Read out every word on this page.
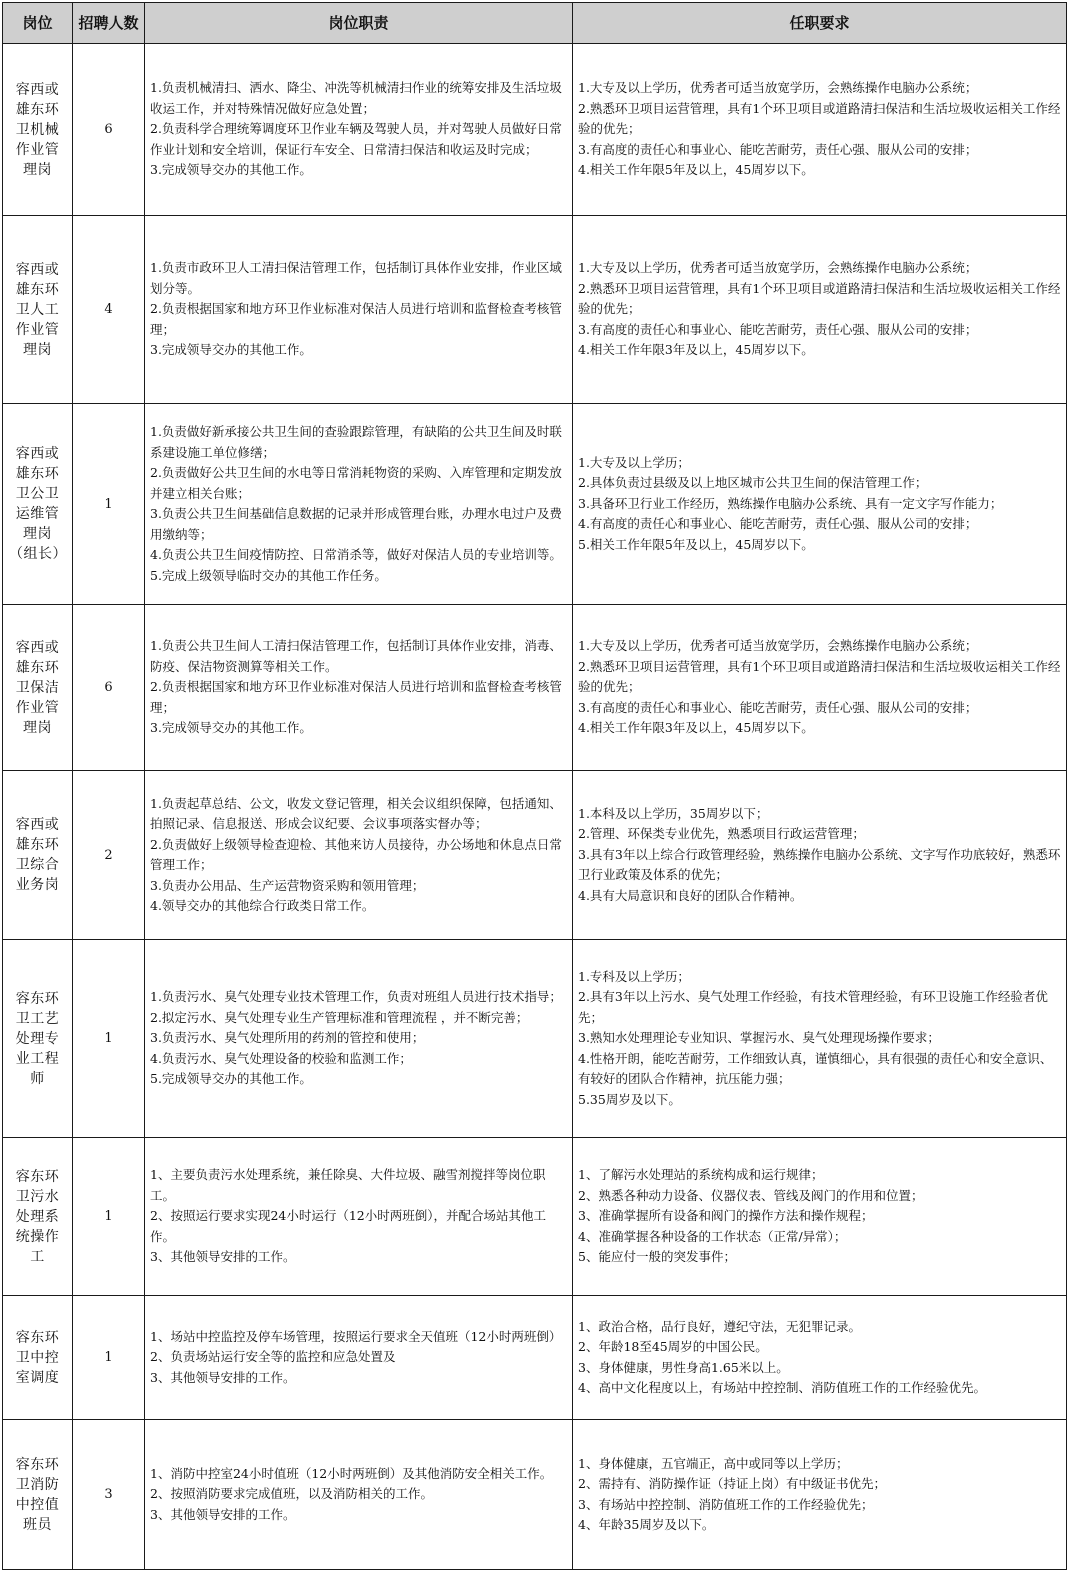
岗位	招聘人数	岗位职责	任职要求
容西或雄东环卫机械作业管理岗	6	1.负责机械清扫、洒水、降尘、冲洗等机械清扫作业的统筹安排及生活垃圾收运工作，并对特殊情况做好应急处置；
2.负责科学合理统筹调度环卫作业车辆及驾驶人员，并对驾驶人员做好日常作业计划和安全培训，保证行车安全、日常清扫保洁和收运及时完成；
3.完成领导交办的其他工作。	1.大专及以上学历，优秀者可适当放宽学历，会熟练操作电脑办公系统；
2.熟悉环卫项目运营管理，具有1个环卫项目或道路清扫保洁和生活垃圾收运相关工作经验的优先；
3.有高度的责任心和事业心、能吃苦耐劳，责任心强、服从公司的安排；
4.相关工作年限5年及以上，45周岁以下。

容西或雄东环卫人工作业管理岗	4	1.负责市政环卫人工清扫保洁管理工作，包括制订具体作业安排，作业区域划分等。
2.负责根据国家和地方环卫作业标准对保洁人员进行培训和监督检查考核管理；
3.完成领导交办的其他工作。	1.大专及以上学历，优秀者可适当放宽学历，会熟练操作电脑办公系统；
2.熟悉环卫项目运营管理，具有1个环卫项目或道路清扫保洁和生活垃圾收运相关工作经验的优先；
3.有高度的责任心和事业心、能吃苦耐劳，责任心强、服从公司的安排；
4.相关工作年限3年及以上，45周岁以下。

容西或雄东环卫公卫运维管理岗（组长）	1	1.负责做好新承接公共卫生间的查验跟踪管理，有缺陷的公共卫生间及时联系建设施工单位修缮；
2.负责做好公共卫生间的水电等日常消耗物资的采购、入库管理和定期发放并建立相关台账；
3.负责公共卫生间基础信息数据的记录并形成管理台账，办理水电过户及费用缴纳等；
4.负责公共卫生间疫情防控、日常消杀等，做好对保洁人员的专业培训等。
5.完成上级领导临时交办的其他工作任务。	1.大专及以上学历；
2.具体负责过县级及以上地区城市公共卫生间的保洁管理工作；
3.具备环卫行业工作经历，熟练操作电脑办公系统、具有一定文字写作能力；
4.有高度的责任心和事业心、能吃苦耐劳，责任心强、服从公司的安排；
5.相关工作年限5年及以上，45周岁以下。

容西或雄东环卫保洁作业管理岗	6	1.负责公共卫生间人工清扫保洁管理工作，包括制订具体作业安排，消毒、防疫、保洁物资测算等相关工作。
2.负责根据国家和地方环卫作业标准对保洁人员进行培训和监督检查考核管理；
3.完成领导交办的其他工作。	1.大专及以上学历，优秀者可适当放宽学历，会熟练操作电脑办公系统；
2.熟悉环卫项目运营管理，具有1个环卫项目或道路清扫保洁和生活垃圾收运相关工作经验的优先；
3.有高度的责任心和事业心、能吃苦耐劳，责任心强、服从公司的安排；
4.相关工作年限3年及以上，45周岁以下。

容西或雄东环卫综合业务岗	2	1.负责起草总结、公文，收发文登记管理，相关会议组织保障，包括通知、拍照记录、信息报送、形成会议纪要、会议事项落实督办等；
2.负责做好上级领导检查迎检、其他来访人员接待，办公场地和休息点日常管理工作；
3.负责办公用品、生产运营物资采购和领用管理；
4.领导交办的其他综合行政类日常工作。	1.本科及以上学历，35周岁以下；
2.管理、环保类专业优先，熟悉项目行政运营管理；
3.具有3年以上综合行政管理经验，熟练操作电脑办公系统、文字写作功底较好，熟悉环卫行业政策及体系的优先；
4.具有大局意识和良好的团队合作精神。

容东环卫工艺处理专业工程师	1	1.负责污水、臭气处理专业技术管理工作，负责对班组人员进行技术指导；
2.拟定污水、臭气处理专业生产管理标准和管理流程 ，并不断完善；
3.负责污水、臭气处理所用的药剂的管控和使用；
4.负责污水、臭气处理设备的校验和监测工作；
5.完成领导交办的其他工作。	1.专科及以上学历；
2.具有3年以上污水、臭气处理工作经验，有技术管理经验，有环卫设施工作经验者优先；
3.熟知水处理理论专业知识、掌握污水、臭气处理现场操作要求；
4.性格开朗，能吃苦耐劳，工作细致认真，谨慎细心，具有很强的责任心和安全意识、有较好的团队合作精神，抗压能力强；
5.35周岁及以下。

容东环卫污水处理系统操作工	1	1、主要负责污水处理系统，兼任除臭、大件垃圾、融雪剂搅拌等岗位职工。
2、按照运行要求实现24小时运行（12小时两班倒），并配合场站其他工作。
3、其他领导安排的工作。	1、了解污水处理站的系统构成和运行规律；
2、熟悉各种动力设备、仪器仪表、管线及阀门的作用和位置；
3、准确掌握所有设备和阀门的操作方法和操作规程；
4、准确掌握各种设备的工作状态（正常/异常）；
5、能应付一般的突发事件；

容东环卫中控室调度	1	1、场站中控监控及停车场管理，按照运行要求全天值班（12小时两班倒）
2、负责场站运行安全等的监控和应急处置及
3、其他领导安排的工作。	1、政治合格，品行良好，遵纪守法，无犯罪记录。
2、年龄18至45周岁的中国公民。
3、身体健康，男性身高1.65米以上。
4、高中文化程度以上，有场站中控控制、消防值班工作的工作经验优先。

容东环卫消防中控值班员	3	1、消防中控室24小时值班（12小时两班倒）及其他消防安全相关工作。
2、按照消防要求完成值班，以及消防相关的工作。
3、其他领导安排的工作。	1、身体健康，五官端正，高中或同等以上学历；
2、需持有、消防操作证（持证上岗）有中级证书优先；
3、有场站中控控制、消防值班工作的工作经验优先；
4、年龄35周岁及以下。
